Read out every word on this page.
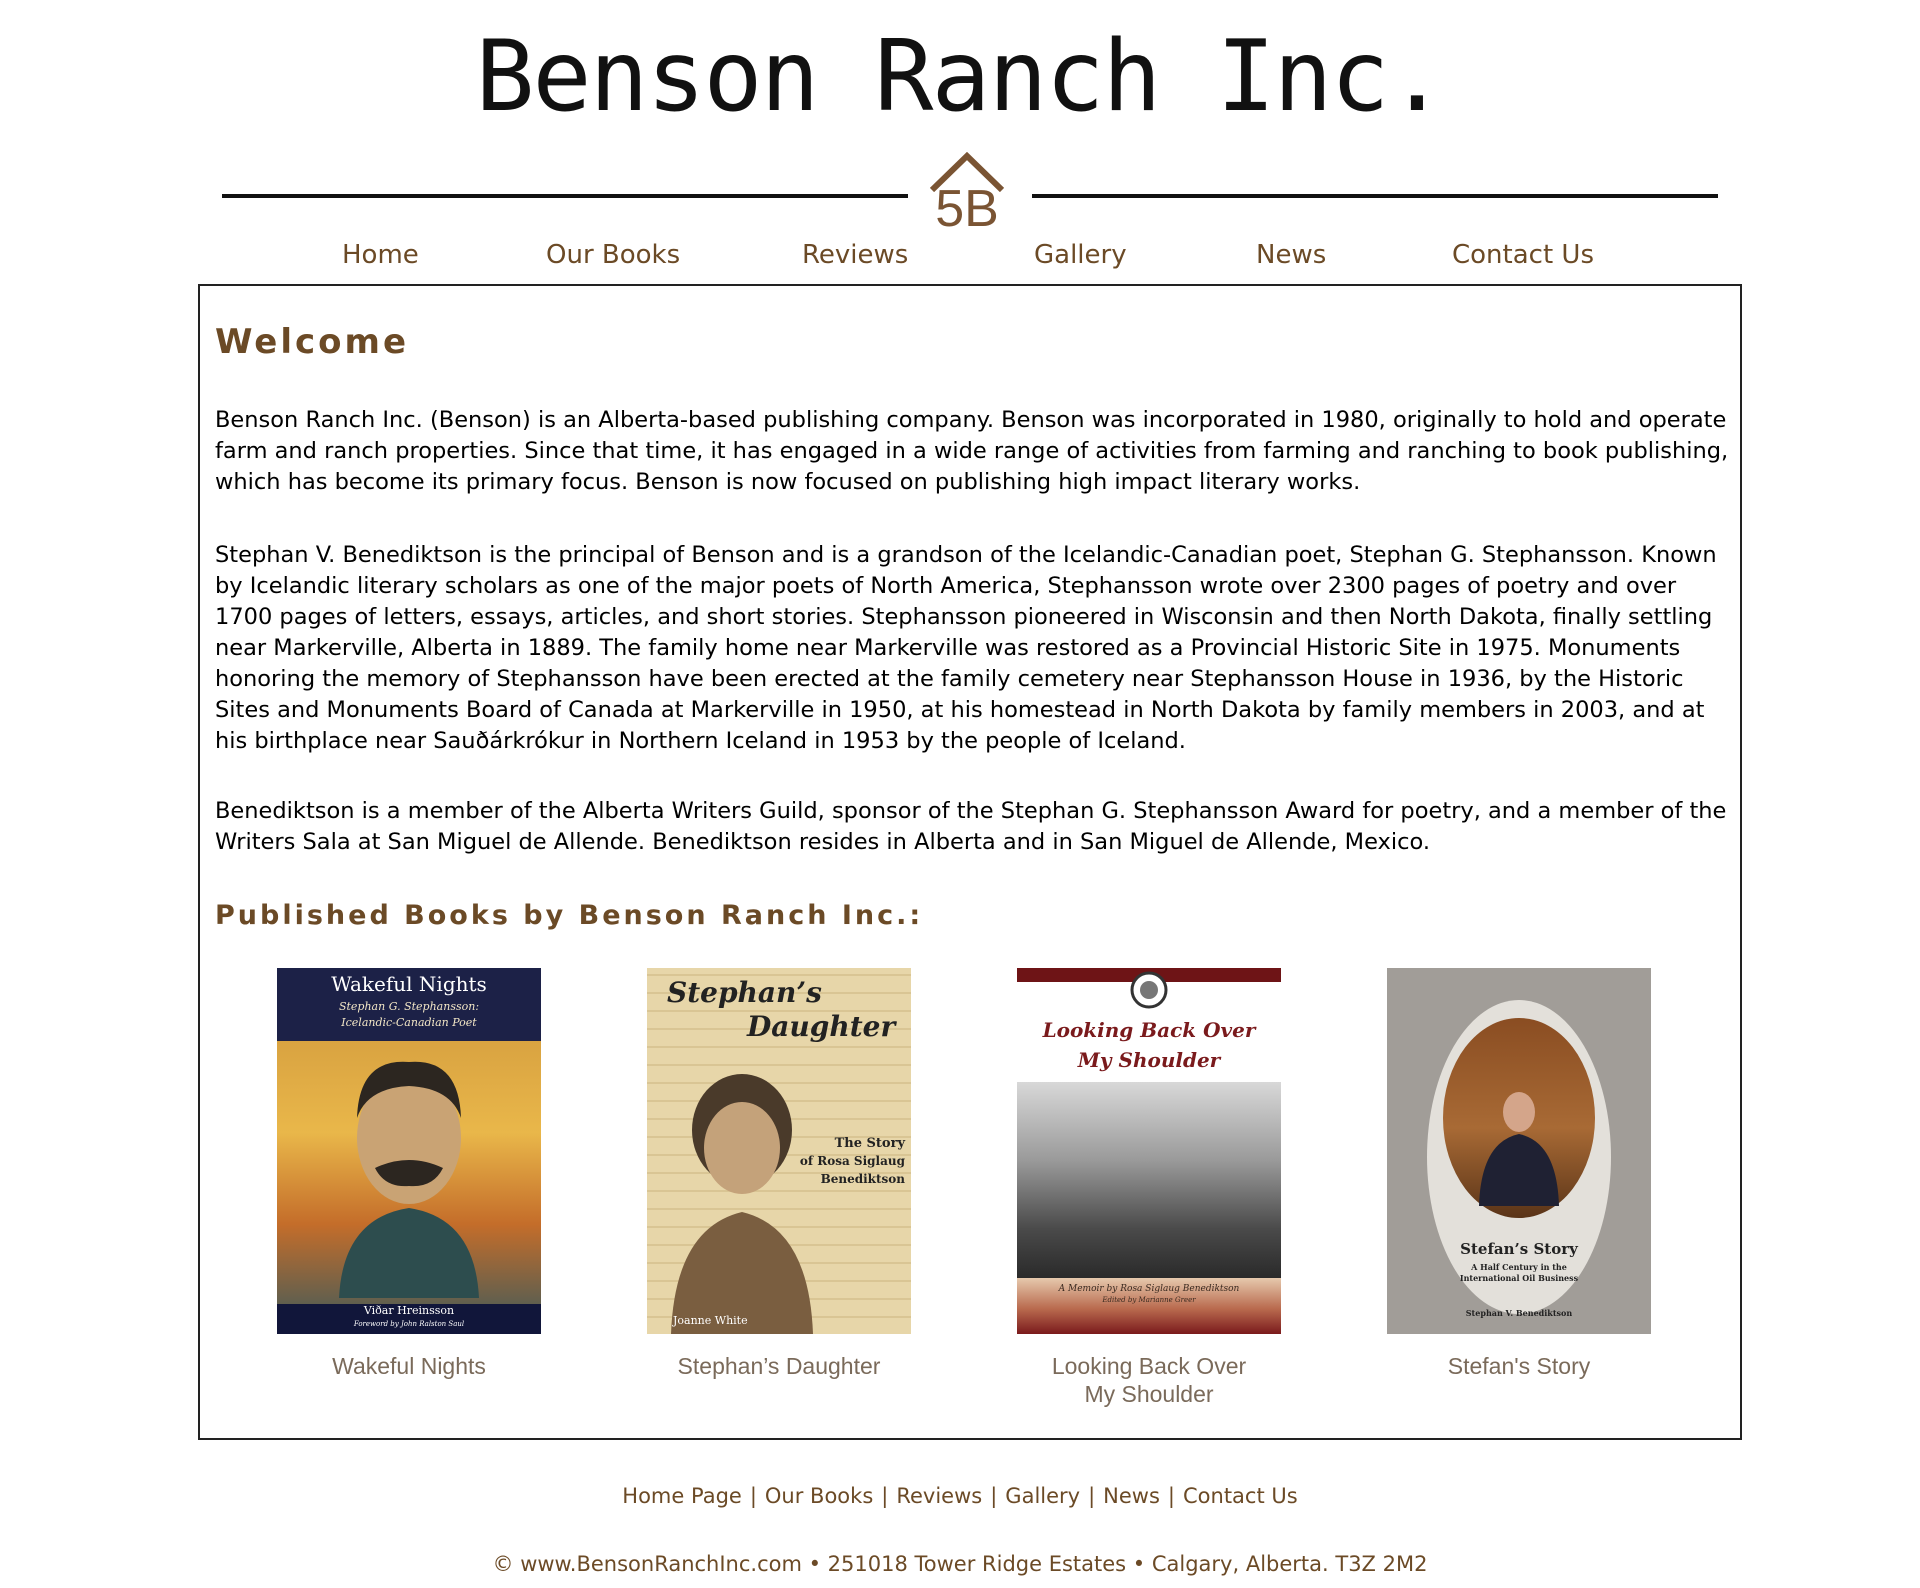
Benson Ranch Inc.
5B
Home	Our Books	Reviews	Gallery	News	Contact Us
Welcome

Benson Ranch Inc. (Benson) is an Alberta-based publishing company. Benson was incorporated in 1980, originally to hold and operate farm and ranch properties. Since that time, it has engaged in a wide range of activities from farming and ranching to book publishing, which has become its primary focus. Benson is now focused on publishing high impact literary works.

Stephan V. Benediktson is the principal of Benson and is a grandson of the Icelandic-Canadian poet, Stephan G. Stephansson. Known by Icelandic literary scholars as one of the major poets of North America, Stephansson wrote over 2300 pages of poetry and over 1700 pages of letters, essays, articles, and short stories. Stephansson pioneered in Wisconsin and then North Dakota, finally settling near Markerville, Alberta in 1889. The family home near Markerville was restored as a Provincial Historic Site in 1975. Monuments honoring the memory of Stephansson have been erected at the family cemetery near Stephansson House in 1936, by the Historic Sites and Monuments Board of Canada at Markerville in 1950, at his homestead in North Dakota by family members in 2003, and at his birthplace near Sauðárkrókur in Northern Iceland in 1953 by the people of Iceland.

Benediktson is a member of the Alberta Writers Guild, sponsor of the Stephan G. Stephansson Award for poetry, and a member of the Writers Sala at San Miguel de Allende. Benediktson resides in Alberta and in San Miguel de Allende, Mexico.

Published Books by Benson Ranch Inc.:
Wakeful Nights
Stephan G. Stephansson:
Icelandic-Canadian Poet
Viðar Hreinsson
Foreword by John Ralston Saul
Wakeful Nights
Stephan’s
Daughter
The Story
of Rosa Siglaug
Benediktson
Joanne White
Stephan’s Daughter
Looking Back Over
My Shoulder
A Memoir by Rosa Siglaug Benediktson
Edited by Marianne Greer
Looking Back Over
My Shoulder
Stefan’s Story
A Half Century in the
International Oil Business
Stephan V. Benediktson
Stefan's Story
Home Page | Our Books | Reviews | Gallery | News | Contact Us
© www.BensonRanchInc.com • 251018 Tower Ridge Estates • Calgary, Alberta. T3Z 2M2
